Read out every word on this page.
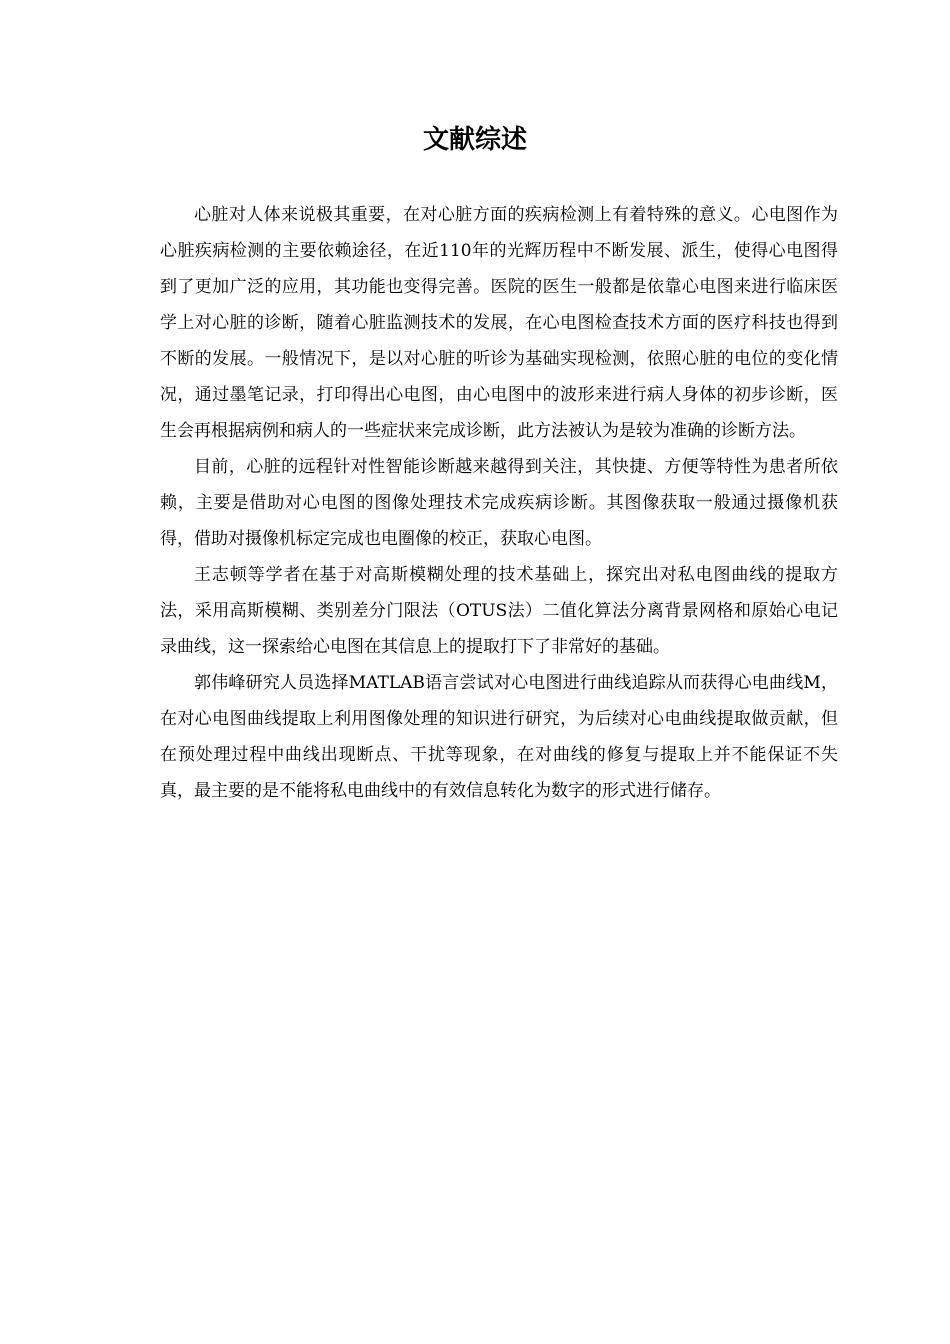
文献综述

心脏对人体来说极其重要，在对心脏方面的疾病检测上有着特殊的意义。心电图作为心脏疾病检测的主要依赖途径，在近110年的光辉历程中不断发展、派生，使得心电图得到了更加广泛的应用，其功能也变得完善。医院的医生一般都是依靠心电图来进行临床医学上对心脏的诊断，随着心脏监测技术的发展，在心电图检查技术方面的医疗科技也得到不断的发展。一般情况下，是以对心脏的听诊为基础实现检测，依照心脏的电位的变化情况，通过墨笔记录，打印得出心电图，由心电图中的波形来进行病人身体的初步诊断，医生会再根据病例和病人的一些症状来完成诊断，此方法被认为是较为准确的诊断方法。

目前，心脏的远程针对性智能诊断越来越得到关注，其快捷、方便等特性为患者所依赖，主要是借助对心电图的图像处理技术完成疾病诊断。其图像获取一般通过摄像机获得，借助对摄像机标定完成也电圈像的校正，获取心电图。

王志顿等学者在基于对高斯模糊处理的技术基础上，探究出对私电图曲线的提取方法，采用高斯模糊、类别差分门限法（OTUS法）二值化算法分离背景网格和原始心电记录曲线，这一探索给心电图在其信息上的提取打下了非常好的基础。

郭伟峰研究人员选择MATLAB语言尝试对心电图进行曲线追踪从而获得心电曲线M，在对心电图曲线提取上利用图像处理的知识进行研究，为后续对心电曲线提取做贡献，但在预处理过程中曲线出现断点、干扰等现象，在对曲线的修复与提取上并不能保证不失真，最主要的是不能将私电曲线中的有效信息转化为数字的形式进行储存。
